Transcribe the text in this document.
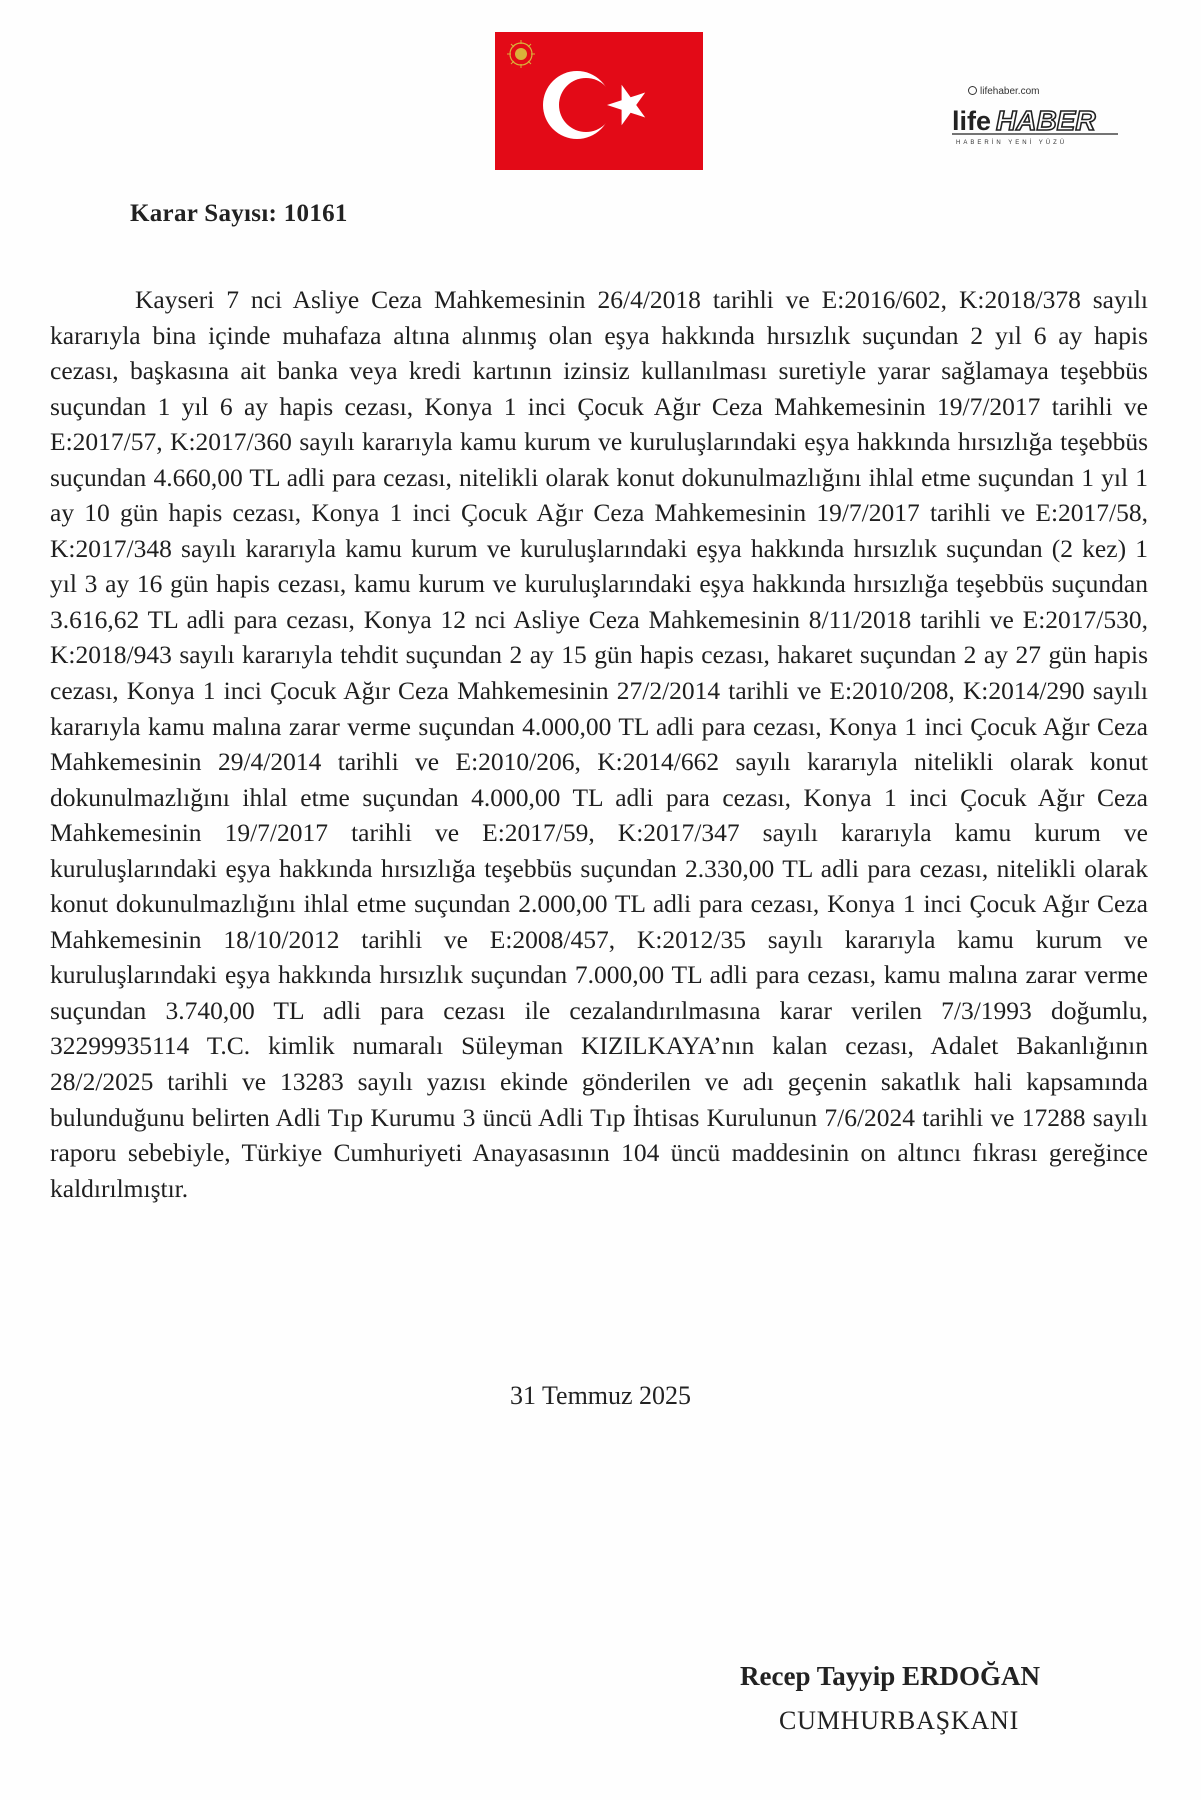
lifehaber.com
life HABER
HABERİN YENİ YÜZÜ
Karar Sayısı: 10161

Kayseri 7 nci Asliye Ceza Mahkemesinin 26/4/2018 tarihli ve E:2016/602, K:2018/378 sayılı kararıyla bina içinde muhafaza altına alınmış olan eşya hakkında hırsızlık suçundan 2 yıl 6 ay hapis cezası, başkasına ait banka veya kredi kartının izinsiz kullanılması suretiyle yarar sağlamaya teşebbüs suçundan 1 yıl 6 ay hapis cezası, Konya 1 inci Çocuk Ağır Ceza Mahkemesinin 19/7/2017 tarihli ve E:2017/57, K:2017/360 sayılı kararıyla kamu kurum ve kuruluşlarındaki eşya hakkında hırsızlığa teşebbüs suçundan 4.660,00 TL adli para cezası, nitelikli olarak konut dokunulmazlığını ihlal etme suçundan 1 yıl 1 ay 10 gün hapis cezası, Konya 1 inci Çocuk Ağır Ceza Mahkemesinin 19/7/2017 tarihli ve E:2017/58, K:2017/348 sayılı kararıyla kamu kurum ve kuruluşlarındaki eşya hakkında hırsızlık suçundan (2 kez) 1 yıl 3 ay 16 gün hapis cezası, kamu kurum ve kuruluşlarındaki eşya hakkında hırsızlığa teşebbüs suçundan 3.616,62 TL adli para cezası, Konya 12 nci Asliye Ceza Mahkemesinin 8/11/2018 tarihli ve E:2017/530, K:2018/943 sayılı kararıyla tehdit suçundan 2 ay 15 gün hapis cezası, hakaret suçundan 2 ay 27 gün hapis cezası, Konya 1 inci Çocuk Ağır Ceza Mahkemesinin 27/2/2014 tarihli ve E:2010/208, K:2014/290 sayılı kararıyla kamu malına zarar verme suçundan 4.000,00 TL adli para cezası, Konya 1 inci Çocuk Ağır Ceza Mahkemesinin 29/4/2014 tarihli ve E:2010/206, K:2014/662 sayılı kararıyla nitelikli olarak konut dokunulmazlığını ihlal etme suçundan 4.000,00 TL adli para cezası, Konya 1 inci Çocuk Ağır Ceza Mahkemesinin 19/7/2017 tarihli ve E:2017/59, K:2017/347 sayılı kararıyla kamu kurum ve kuruluşlarındaki eşya hakkında hırsızlığa teşebbüs suçundan 2.330,00 TL adli para cezası, nitelikli olarak konut dokunulmazlığını ihlal etme suçundan 2.000,00 TL adli para cezası, Konya 1 inci Çocuk Ağır Ceza Mahkemesinin 18/10/2012 tarihli ve E:2008/457, K:2012/35 sayılı kararıyla kamu kurum ve kuruluşlarındaki eşya hakkında hırsızlık suçundan 7.000,00 TL adli para cezası, kamu malına zarar verme suçundan 3.740,00 TL adli para cezası ile cezalandırılmasına karar verilen 7/3/1993 doğumlu, 32299935114 T.C. kimlik numaralı Süleyman KIZILKAYA’nın kalan cezası, Adalet Bakanlığının 28/2/2025 tarihli ve 13283 sayılı yazısı ekinde gönderilen ve adı geçenin sakatlık hali kapsamında bulunduğunu belirten Adli Tıp Kurumu 3 üncü Adli Tıp İhtisas Kurulunun 7/6/2024 tarihli ve 17288 sayılı raporu sebebiyle, Türkiye Cumhuriyeti Anayasasının 104 üncü maddesinin on altıncı fıkrası gereğince kaldırılmıştır.

31 Temmuz 2025
Recep Tayyip ERDOĞAN
CUMHURBAŞKANI
